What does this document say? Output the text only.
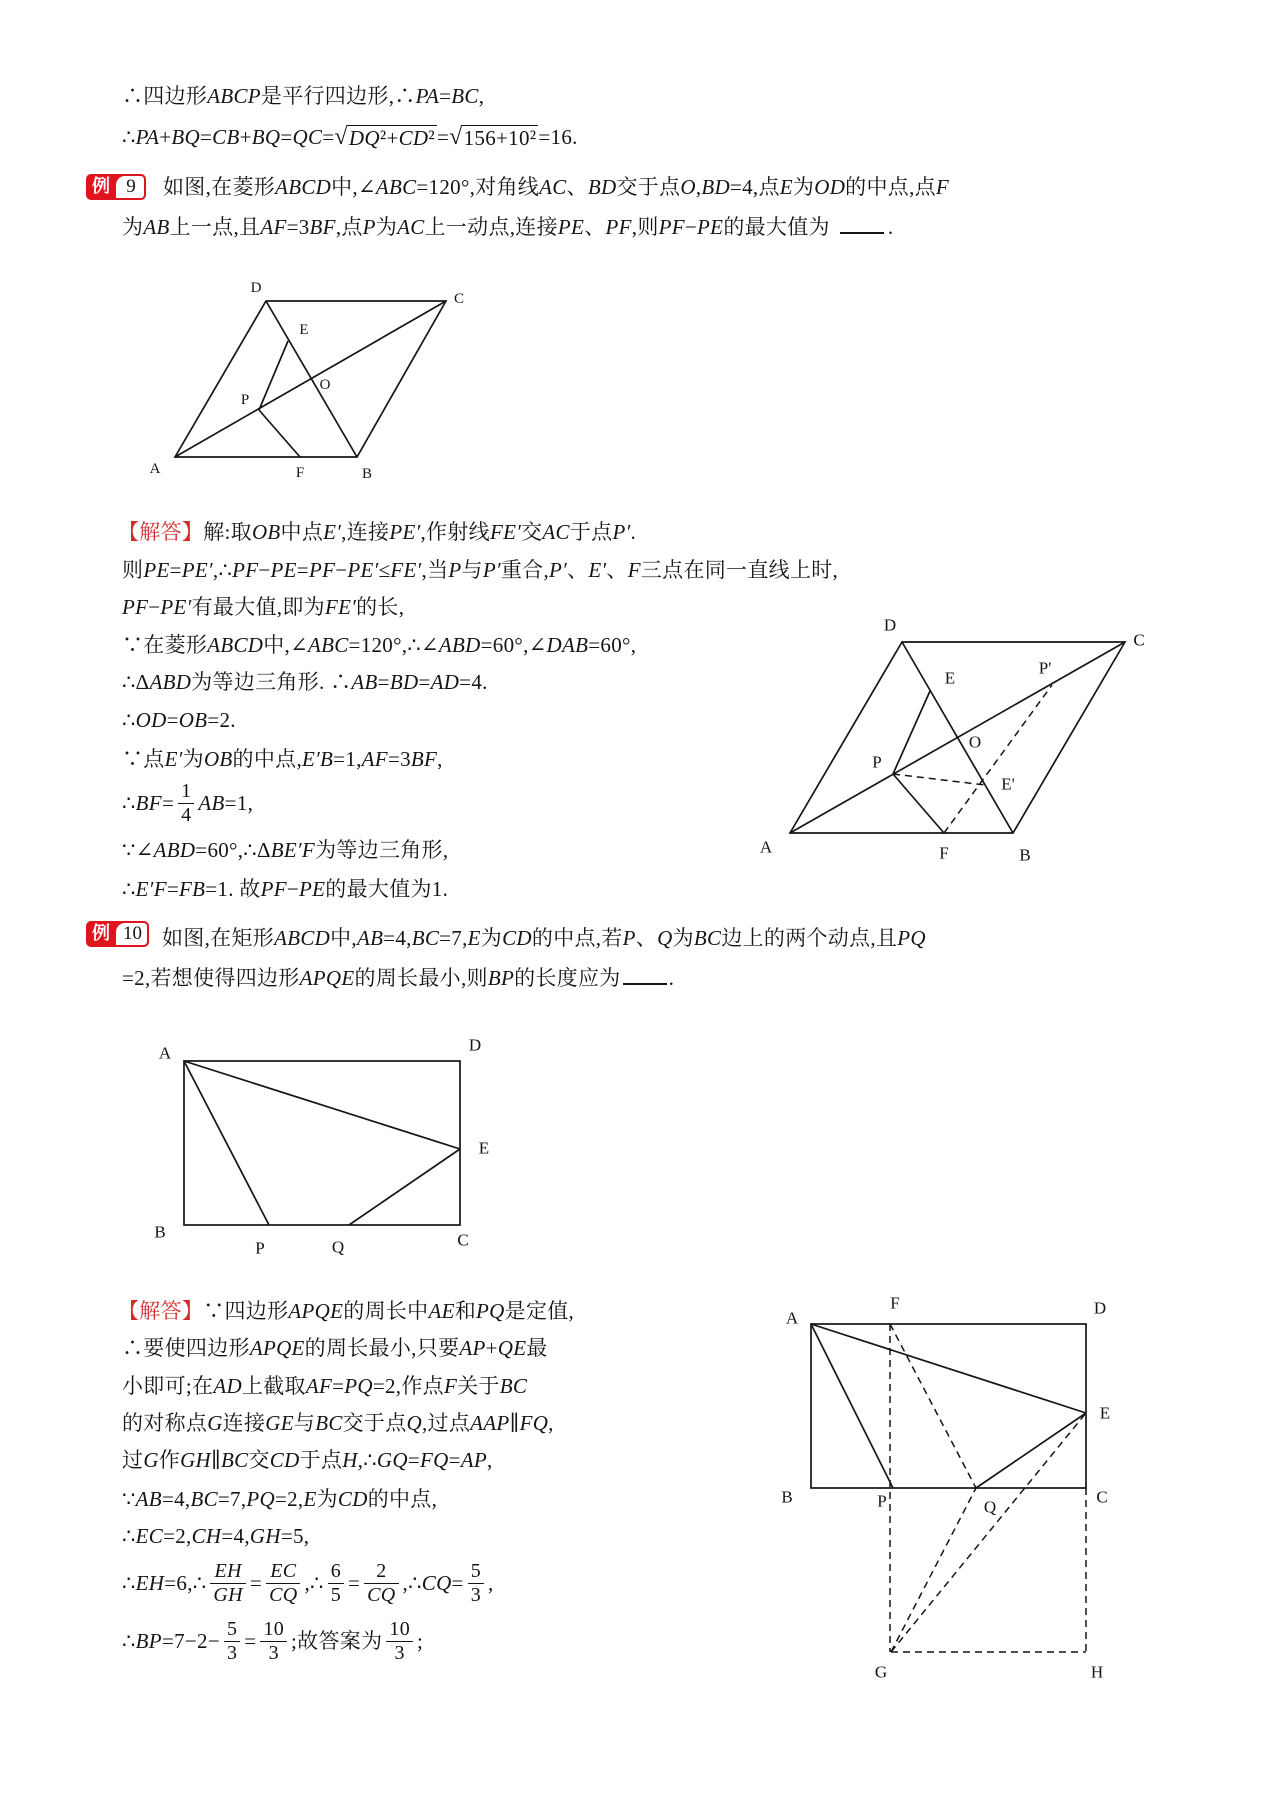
∴四边形ABCP是平行四边形,∴PA=BC,
∴PA+BQ=CB+BQ=QC= √ DQ²+CD² = √ 156+10² =16.
例 9	如图,在菱形ABCD中,∠ABC=120°,对角线AC、BD交于点O,BD=4,点E为OD的中点,点F
为AB上一点,且AF=3BF,点P为AC上一动点,连接PE、PF,则PF−PE的最大值为	.
D
C
E
O
P
A	F	B
【解答】解:取OB中点E′,连接PE′,作射线FE′交AC于点P′.
则PE=PE′,∴PF−PE=PF−PE′≤FE′,当P与P′重合,P′、E′、F三点在同一直线上时,
PF−PE′有最大值,即为FE′的长,
∵在菱形ABCD中,∠ABC=120°,∴∠ABD=60°,∠DAB=60°,
∴ΔABD为等边三角形. ∴AB=BD=AD=4.
∴OD=OB=2.
∵点E′为OB的中点,E′B=1,AF=3BF,
∴BF= $\frac{1}{4} AB=1$,
∵∠ABD=60°,∴ΔBE′F为等边三角形,
∴E′F=FB=1. 故PF−PE的最大值为1.
D
C
E
P'
O
P
E'
A	F	B
例 10 如图,在矩形ABCD中,AB=4,BC=7,E为CD的中点,若P、Q为BC边上的两个动点,且PQ
=2,若想使得四边形APQE的周长最小,则BP的长度应为 .
A	D
E
B
P	Q	C
【解答】∵四边形APQE的周长中AE和PQ是定值,
∴要使四边形APQE的周长最小,只要AP+QE最
小即可;在AD上截取AF=PQ=2,作点F关于BC
的对称点G连接GE与BC交于点Q,过点AAP∥FQ,
过G作GH∥BC交CD于点H,∴GQ=FQ=AP,
∵AB=4,BC=7,PQ=2,E为CD的中点,
∴EC=2,CH=4,GH=5,
∴EH=6,∴ $\frac{EH}{GH} = \frac{EC}{CQ}$ ,∴ $\frac{6}{5} = \frac{2}{CQ}$ ,∴CQ= $\frac{5}{3}$ ,
∴BP=7−2− $\frac{5}{3} = \frac{10}{3}$ ;故答案为 $\frac{10}{3}$ ;
A
F	D
E
B	P	Q
C
G	H
